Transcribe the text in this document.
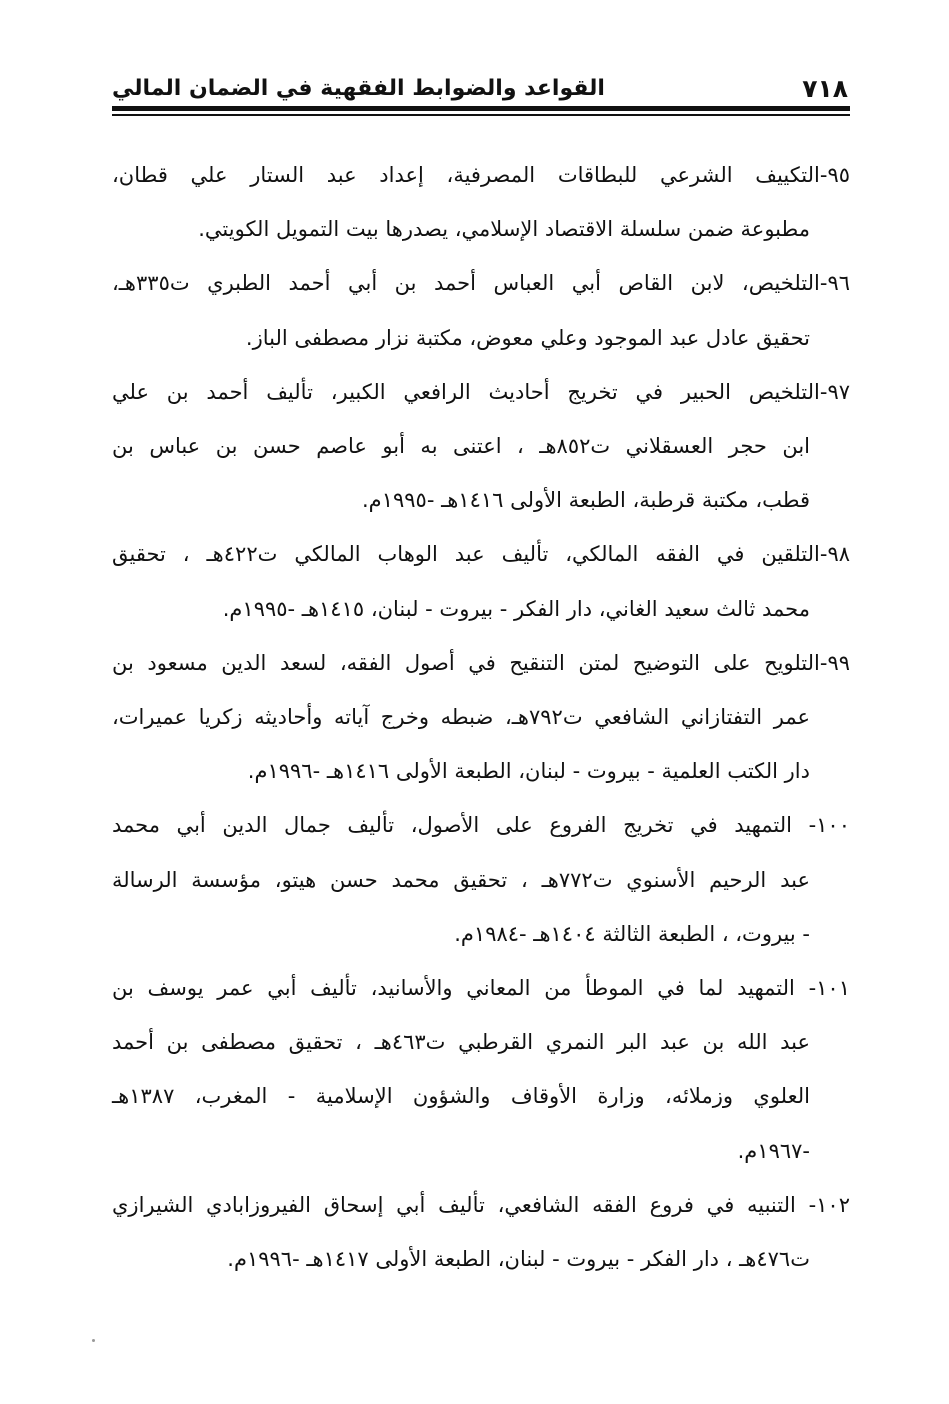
٧١٨
القواعد والضوابط الفقهية في الضمان المالي
٩٥-التكييف الشرعي للبطاقات المصرفية، إعداد عبد الستار علي قطان،
مطبوعة ضمن سلسلة الاقتصاد الإسلامي، يصدرها بيت التمويل الكويتي.
٩٦-التلخيص، لابن القاص أبي العباس أحمد بن أبي أحمد الطبري ت٣٣٥هـ،
تحقيق عادل عبد الموجود وعلي معوض، مكتبة نزار مصطفى الباز.
٩٧-التلخيص الحبير في تخريج أحاديث الرافعي الكبير، تأليف أحمد بن علي
ابن حجر العسقلاني ت٨٥٢هـ ، اعتنى به أبو عاصم حسن بن عباس بن
قطب، مكتبة قرطبة، الطبعة الأولى ١٤١٦هـ -١٩٩٥م.
٩٨-التلقين في الفقه المالكي، تأليف عبد الوهاب المالكي ت٤٢٢هـ ، تحقيق
محمد ثالث سعيد الغاني، دار الفكر - بيروت - لبنان، ١٤١٥هـ -١٩٩٥م.
٩٩-التلويح على التوضيح لمتن التنقيح في أصول الفقه، لسعد الدين مسعود بن
عمر التفتازاني الشافعي ت٧٩٢هـ، ضبطه وخرج آياته وأحاديثه زكريا عميرات،
دار الكتب العلمية - بيروت - لبنان، الطبعة الأولى ١٤١٦هـ -١٩٩٦م.
١٠٠- التمهيد في تخريج الفروع على الأصول، تأليف جمال الدين أبي محمد
عبد الرحيم الأسنوي ت٧٧٢هـ ، تحقيق محمد حسن هيتو، مؤسسة الرسالة
- بيروت، ، الطبعة الثالثة ١٤٠٤هـ -١٩٨٤م.
١٠١- التمهيد لما في الموطأ من المعاني والأسانيد، تأليف أبي عمر يوسف بن
عبد الله بن عبد البر النمري القرطبي ت٤٦٣هـ ، تحقيق مصطفى بن أحمد
العلوي وزملائه، وزارة الأوقاف والشؤون الإسلامية - المغرب، ١٣٨٧هـ
-١٩٦٧م.
١٠٢- التنبيه في فروع الفقه الشافعي، تأليف أبي إسحاق الفيروزابادي الشيرازي
ت٤٧٦هـ ، دار الفكر - بيروت - لبنان، الطبعة الأولى ١٤١٧هـ -١٩٩٦م.
